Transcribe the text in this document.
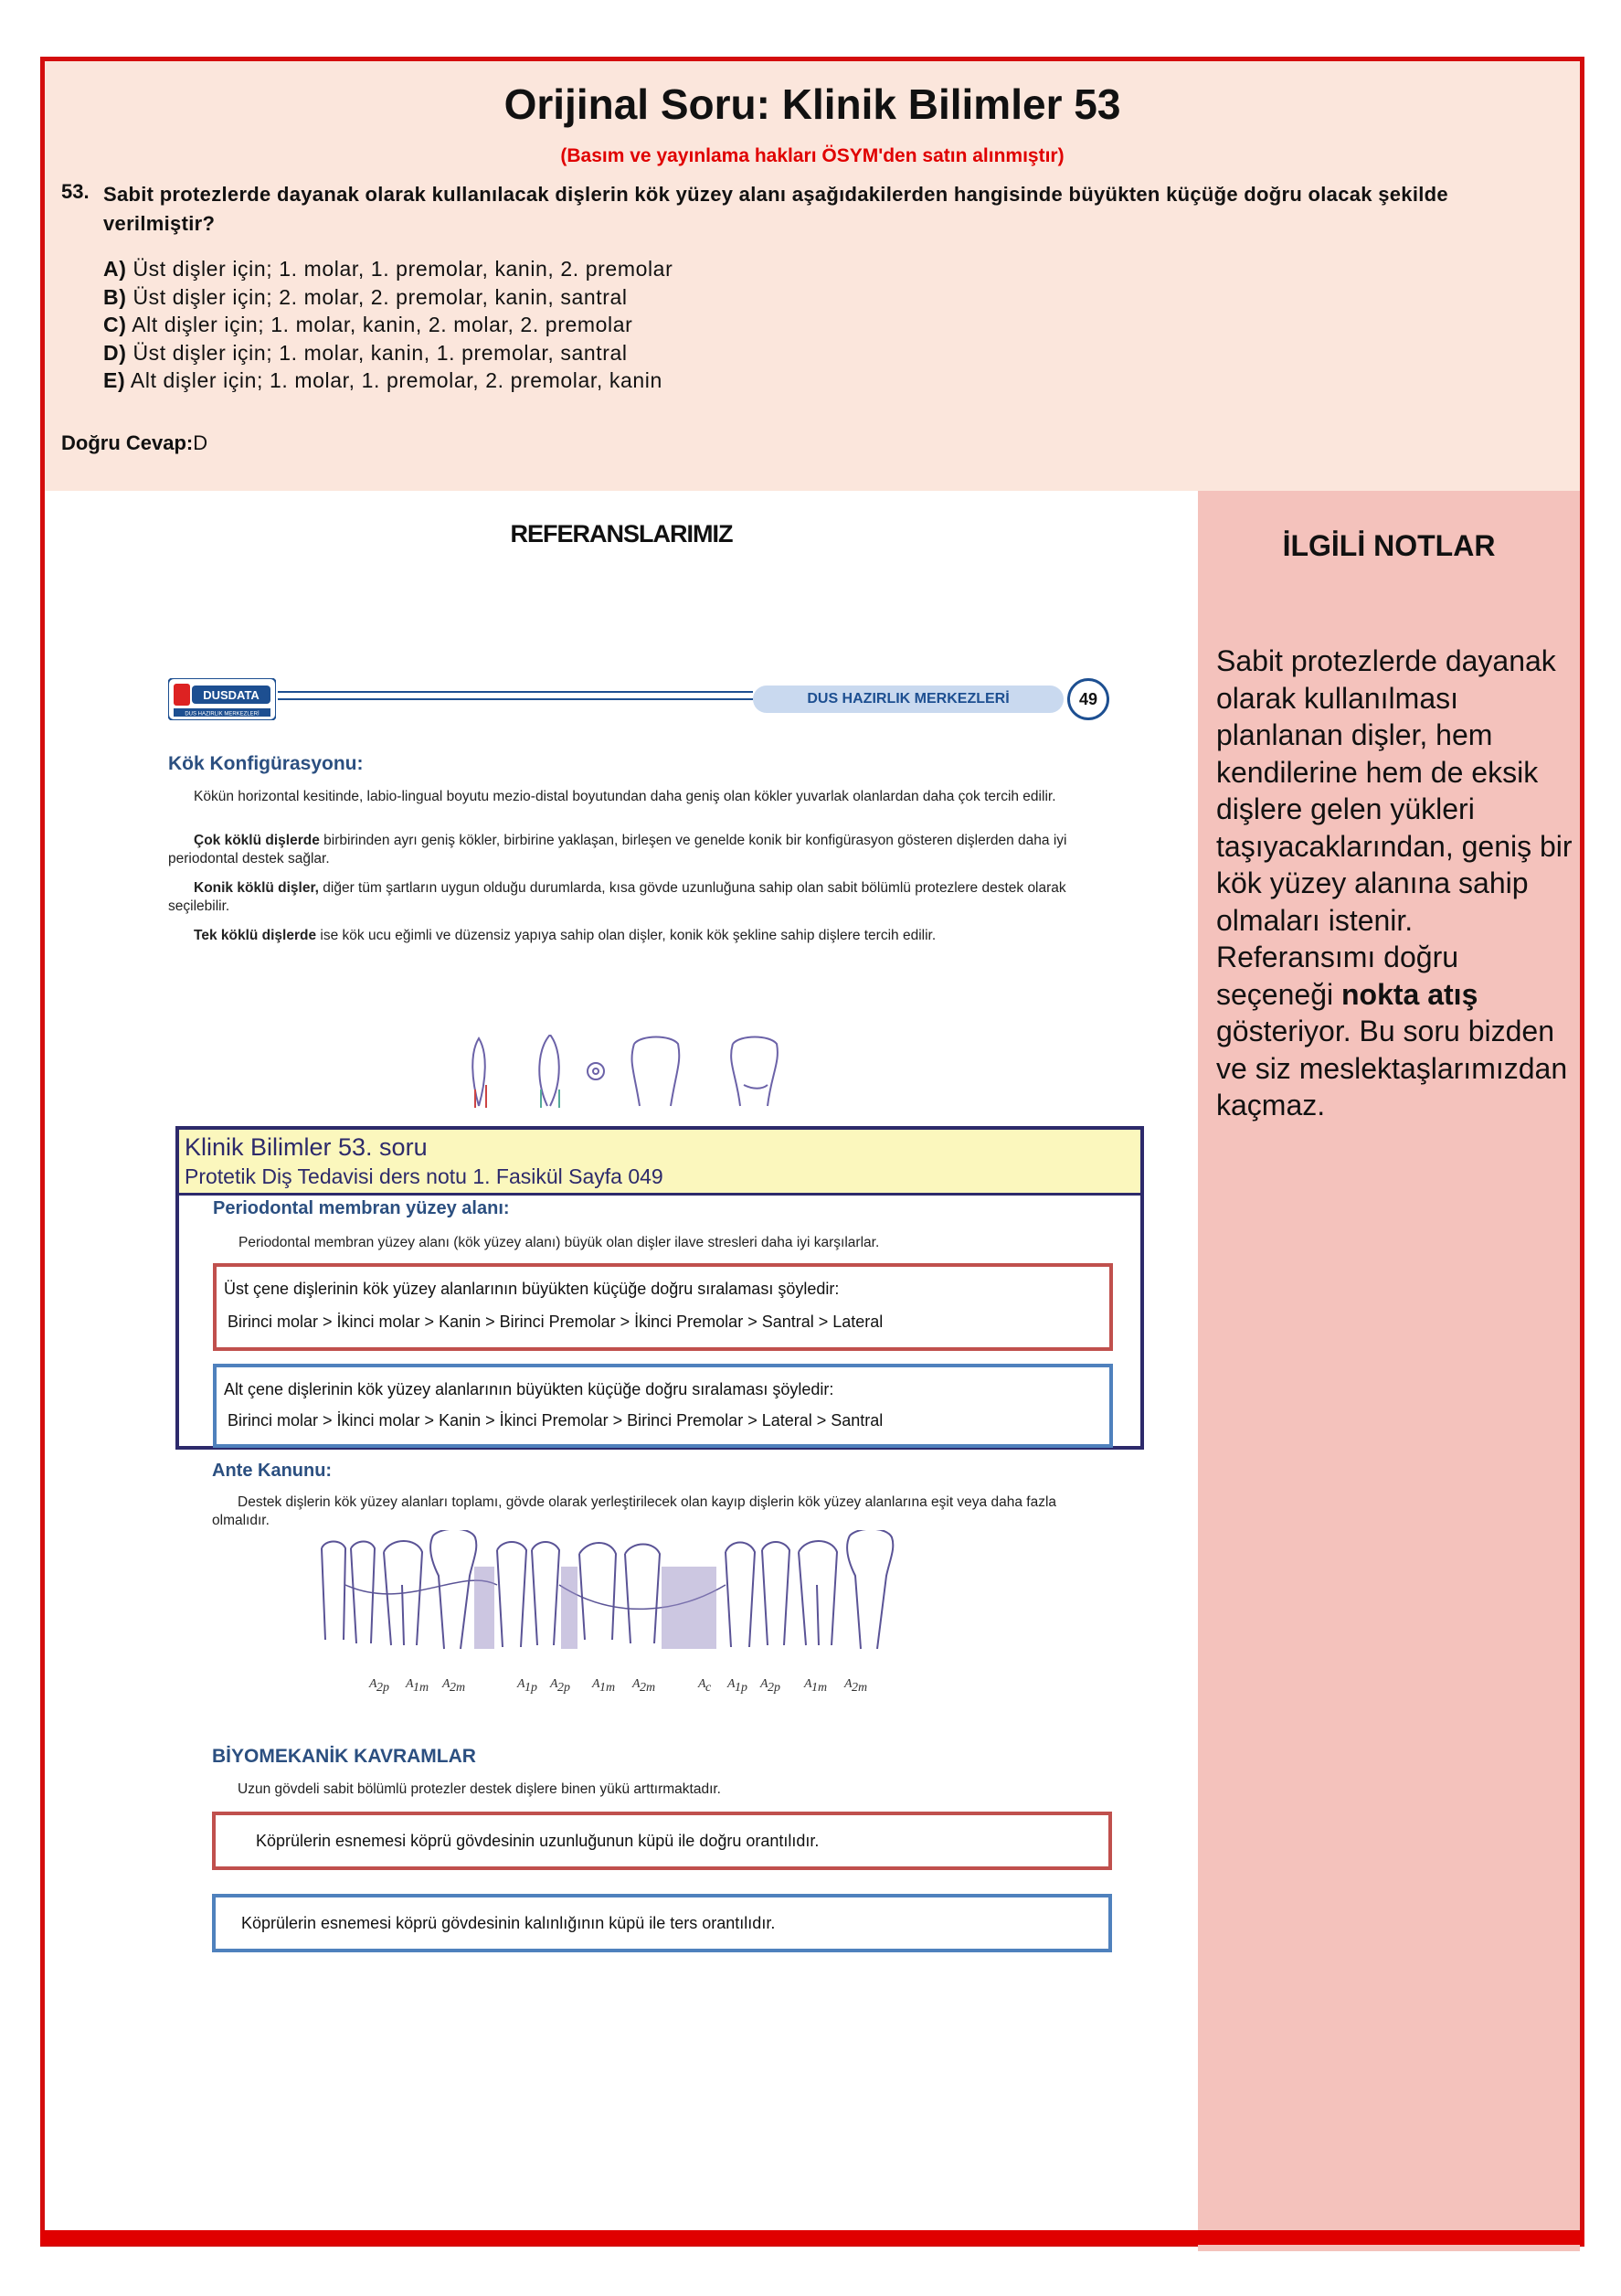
Orijinal Soru: Klinik Bilimler 53
(Basım ve yayınlama hakları ÖSYM'den satın alınmıştır)
53. Sabit protezlerde dayanak olarak kullanılacak dişlerin kök yüzey alanı aşağıdakilerden hangisinde büyükten küçüğe doğru olacak şekilde verilmiştir?
A) Üst dişler için; 1. molar, 1. premolar, kanin, 2. premolar
B) Üst dişler için; 2. molar, 2. premolar, kanin, santral
C) Alt dişler için; 1. molar, kanin, 2. molar, 2. premolar
D) Üst dişler için; 1. molar, kanin, 1. premolar, santral
E) Alt dişler için; 1. molar, 1. premolar, 2. premolar, kanin
Doğru Cevap:D
REFERANSLARIMIZ
DUSDATA
DUS HAZIRLIK MERKEZLERİ
DUS HAZIRLIK MERKEZLERİ	49
Kök Konfigürasyonu:
Kökün horizontal kesitinde, labio-lingual boyutu mezio-distal boyutundan daha geniş olan kökler yuvarlak olanlardan daha çok tercih edilir.
Çok köklü dişlerde birbirinden ayrı geniş kökler, birbirine yaklaşan, birleşen ve genelde konik bir konfigürasyon gösteren dişlerden daha iyi periodontal destek sağlar.
Konik köklü dişler, diğer tüm şartların uygun olduğu durumlarda, kısa gövde uzunluğuna sahip olan sabit bölümlü protezlere destek olarak seçilebilir.
Tek köklü dişlerde ise kök ucu eğimli ve düzensiz yapıya sahip olan dişler, konik kök şekline sahip dişlere tercih edilir.
Klinik Bilimler 53. soru
Protetik Diş Tedavisi ders notu 1. Fasikül Sayfa 049
Periodontal membran yüzey alanı:
Periodontal membran yüzey alanı (kök yüzey alanı) büyük olan dişler ilave stresleri daha iyi karşılarlar.
Üst çene dişlerinin kök yüzey alanlarının büyükten küçüğe doğru sıralaması şöyledir:
Birinci molar > İkinci molar > Kanin > Birinci Premolar > İkinci Premolar > Santral > Lateral
Alt çene dişlerinin kök yüzey alanlarının büyükten küçüğe doğru sıralaması şöyledir:
Birinci molar > İkinci molar > Kanin > İkinci Premolar > Birinci Premolar > Lateral > Santral
Ante Kanunu:
Destek dişlerin kök yüzey alanları toplamı, gövde olarak yerleştirilecek olan kayıp dişlerin kök yüzey alanlarına eşit veya daha fazla olmalıdır.
A 2p A 1m A 2m	A 1p A 2p A 1m A 2m	A c A 1p A 2p A 1m A 2m
BİYOMEKANİK KAVRAMLAR
Uzun gövdeli sabit bölümlü protezler destek dişlere binen yükü arttırmaktadır.
Köprülerin esnemesi köprü gövdesinin uzunluğunun küpü ile doğru orantılıdır.
Köprülerin esnemesi köprü gövdesinin kalınlığının küpü ile ters orantılıdır.
İLGİLİ NOTLAR
Sabit protezlerde dayanak olarak kullanılması planlanan dişler, hem kendilerine hem de eksik dişlere gelen yükleri taşıyacaklarından, geniş bir kök yüzey alanına sahip olmaları istenir. Referansımı doğru seçeneği nokta atış gösteriyor. Bu soru bizden ve siz meslektaşlarımızdan kaçmaz.
